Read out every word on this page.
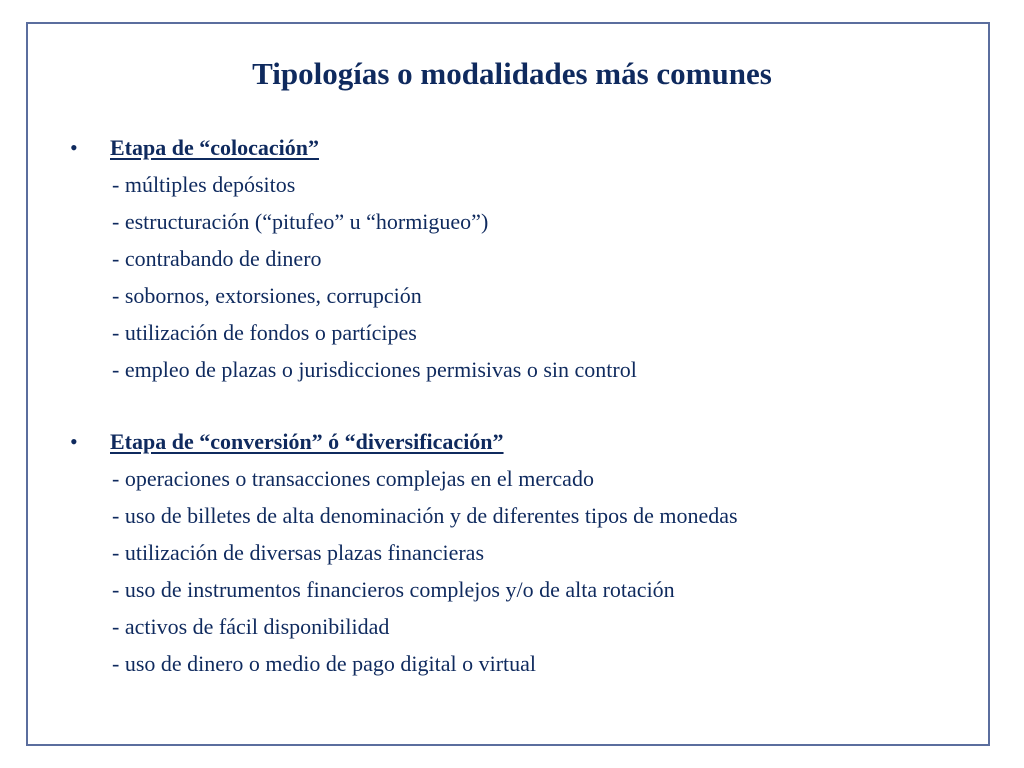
Tipologías o modalidades más comunes
• Etapa de “colocación”
- múltiples depósitos
- estructuración (“pitufeo” u “hormigueo”)
- contrabando de dinero
- sobornos, extorsiones, corrupción
- utilización de fondos o partícipes
- empleo de plazas o jurisdicciones permisivas o sin control
• Etapa de “conversión” ó “diversificación”
- operaciones o transacciones complejas en el mercado
- uso de billetes de alta denominación y de diferentes tipos de monedas
- utilización de diversas plazas financieras
- uso de instrumentos financieros complejos y/o de alta rotación
- activos de fácil disponibilidad
- uso de dinero o medio de pago digital o virtual
